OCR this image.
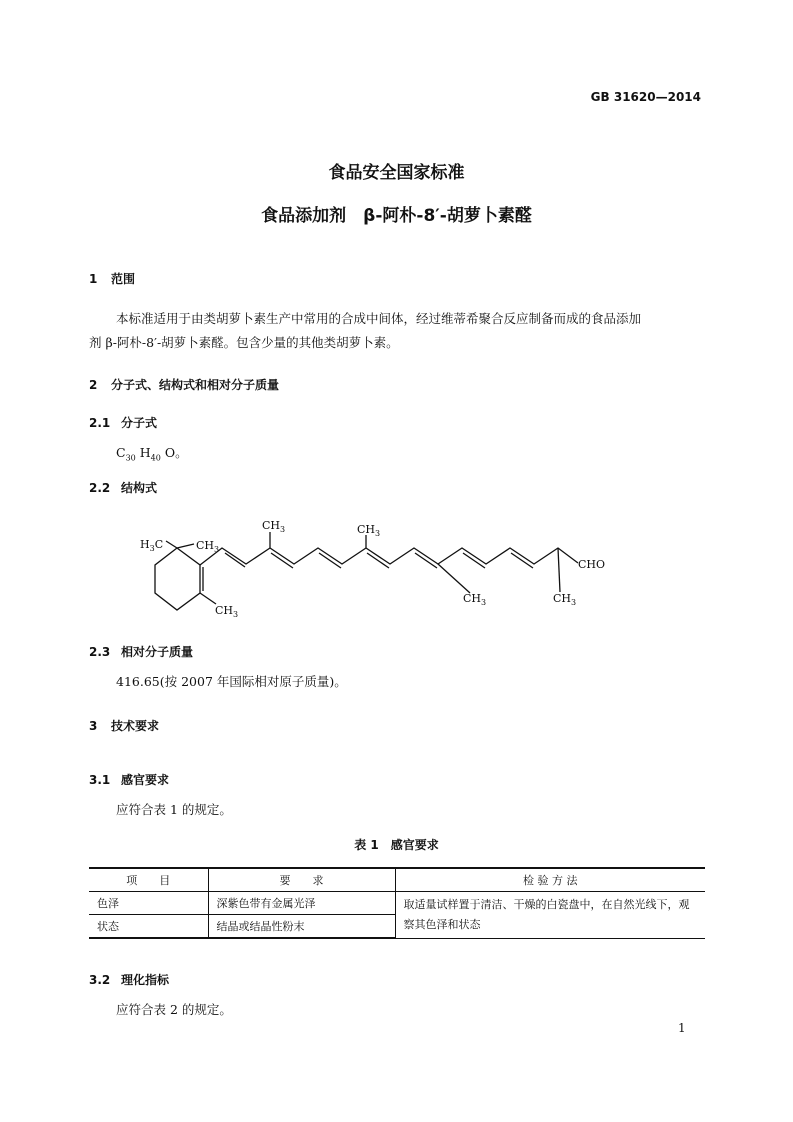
GB 31620—2014
食品安全国家标准
食品添加剂　β-阿朴-8′-胡萝卜素醛
1 范围
本标准适用于由类胡萝卜素生产中常用的合成中间体，经过维蒂希聚合反应制备而成的食品添加
剂 β-阿朴-8′-胡萝卜素醛。包含少量的其他类胡萝卜素。
2 分子式、结构式和相对分子质量
2.1 分子式
$C_{30}$ $H_{40}$ O。
2.2 结构式
$H_3C$	$CH_3$
$CH_3$
$CH_3$	$CH_3$
$CH_3$	$CH_3$
CHO
2.3 相对分子质量
416.65(按 2007 年国际相对原子质量)。
3 技术要求
3.1 感官要求
应符合表 1 的规定。
表 1　感官要求
项　　目	要　　求	检 验 方 法
色泽	深紫色带有金属光泽	取适量试样置于清洁、干燥的白瓷盘中，在自然光线下，观察其色泽和状态
状态	结晶或结晶性粉末	
3.2 理化指标
应符合表 2 的规定。
1
